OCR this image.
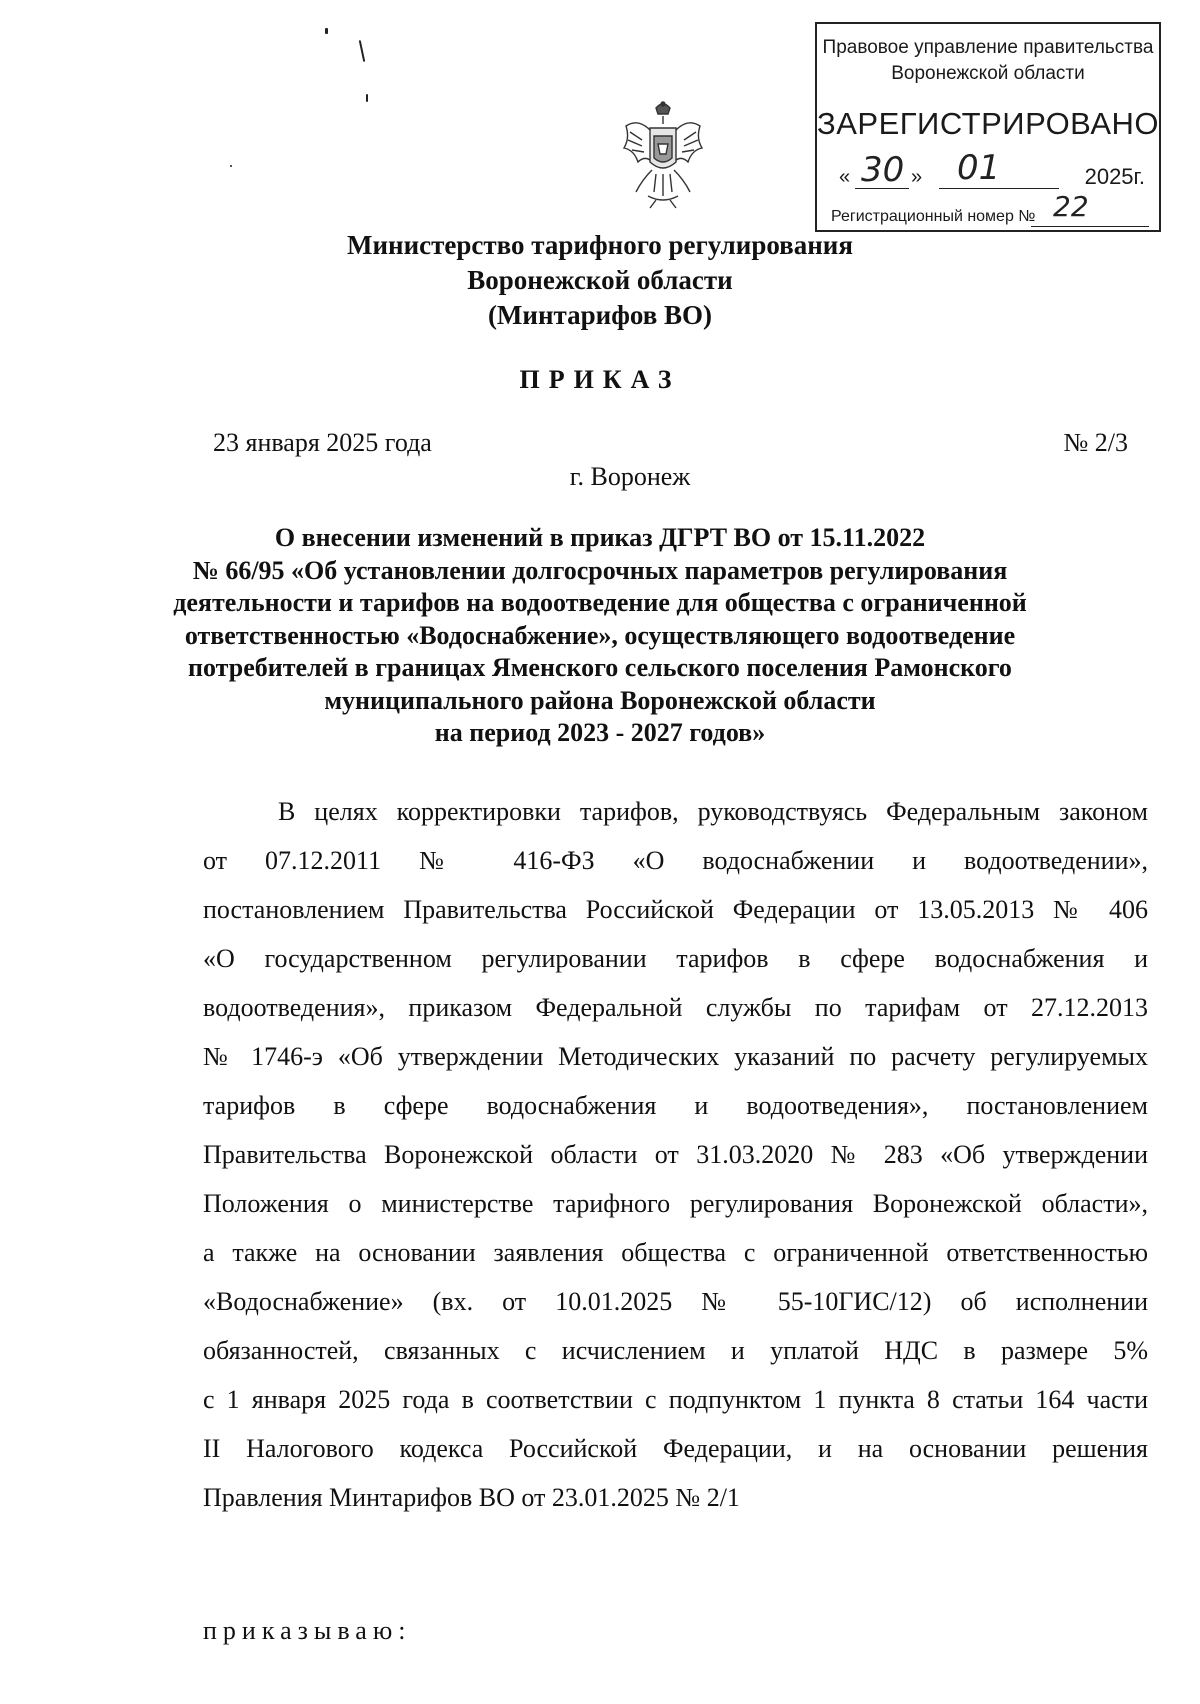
Правовое управление правительства
Воронежской области
ЗАРЕГИСТРИРОВАНО
« 30 » 01	2025г.
Регистрационный номер № 22
Министерство тарифного регулирования
Воронежской области
(Минтарифов ВО)
ПРИКАЗ
23 января 2025 года	№ 2/3
г. Воронеж
О внесении изменений в приказ ДГРТ ВО от 15.11.2022
№ 66/95 «Об установлении долгосрочных параметров регулирования
деятельности и тарифов на водоотведение для общества с ограниченной
ответственностью «Водоснабжение», осуществляющего водоотведение
потребителей в границах Яменского сельского поселения Рамонского
муниципального района Воронежской области
на период 2023 - 2027 годов»
В целях корректировки тарифов, руководствуясь Федеральным законом
от 07.12.2011 № 416-ФЗ «О водоснабжении и водоотведении»,
постановлением Правительства Российской Федерации от 13.05.2013 № 406
«О государственном регулировании тарифов в сфере водоснабжения и
водоотведения», приказом Федеральной службы по тарифам от 27.12.2013
№ 1746-э «Об утверждении Методических указаний по расчету регулируемых
тарифов в сфере водоснабжения и водоотведения», постановлением
Правительства Воронежской области от 31.03.2020 № 283 «Об утверждении
Положения о министерстве тарифного регулирования Воронежской области»,
а также на основании заявления общества с ограниченной ответственностью
«Водоснабжение» (вх. от 10.01.2025 № 55-10ГИС/12) об исполнении
обязанностей, связанных с исчислением и уплатой НДС в размере 5%
с 1 января 2025 года в соответствии с подпунктом 1 пункта 8 статьи 164 части
II Налогового кодекса Российской Федерации, и на основании решения
Правления Минтарифов ВО от 23.01.2025 № 2/1
приказываю:
